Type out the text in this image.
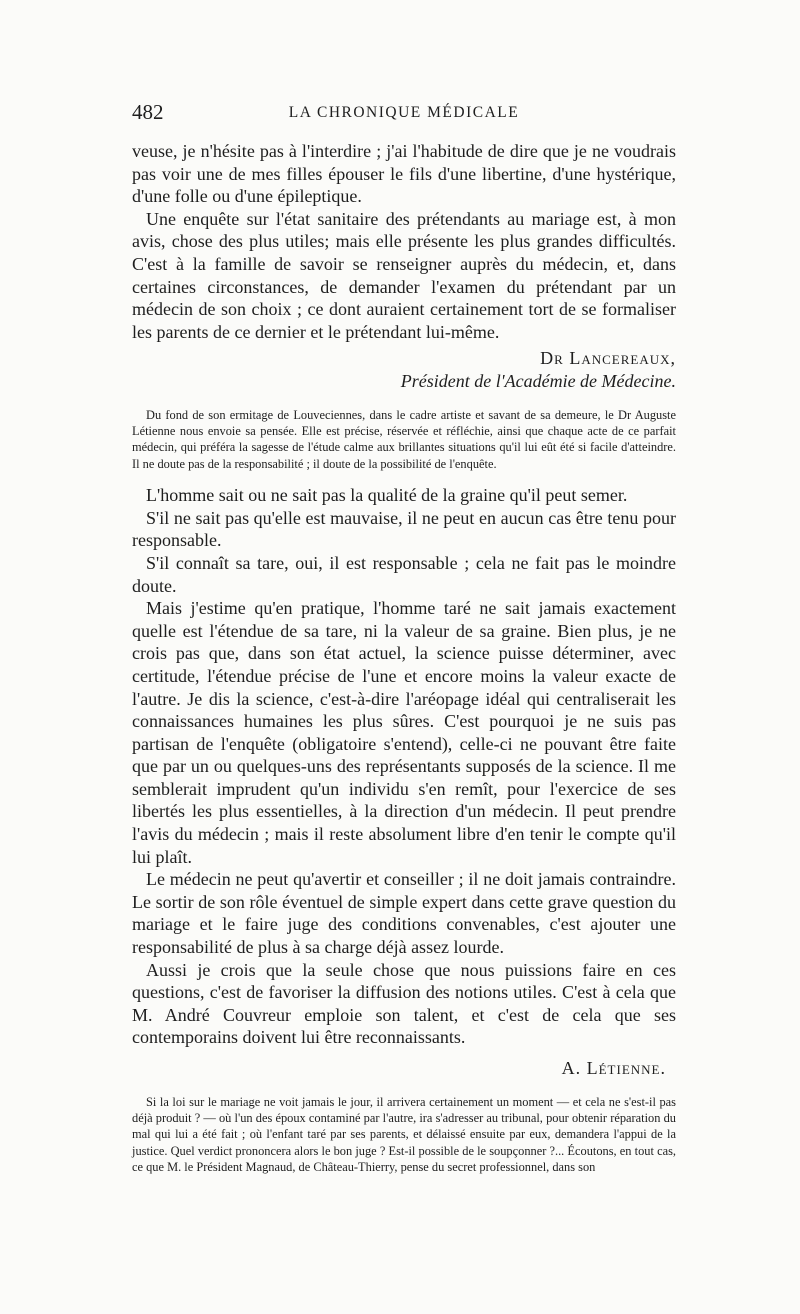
482	LA CHRONIQUE MÉDICALE

veuse, je n'hésite pas à l'interdire ; j'ai l'habitude de dire que je ne voudrais pas voir une de mes filles épouser le fils d'une libertine, d'une hystérique, d'une folle ou d'une épileptique.

Une enquête sur l'état sanitaire des prétendants au mariage est, à mon avis, chose des plus utiles; mais elle présente les plus grandes difficultés. C'est à la famille de savoir se renseigner auprès du médecin, et, dans certaines circonstances, de demander l'examen du prétendant par un médecin de son choix ; ce dont auraient certainement tort de se formaliser les parents de ce dernier et le prétendant lui-même.

Dr Lancereaux,
Président de l'Académie de Médecine.

Du fond de son ermitage de Louveciennes, dans le cadre artiste et savant de sa demeure, le Dr Auguste Létienne nous envoie sa pensée. Elle est précise, réservée et réfléchie, ainsi que chaque acte de ce parfait médecin, qui préféra la sagesse de l'étude calme aux brillantes situations qu'il lui eût été si facile d'atteindre. Il ne doute pas de la responsabilité ; il doute de la possibilité de l'enquête.

L'homme sait ou ne sait pas la qualité de la graine qu'il peut semer.

S'il ne sait pas qu'elle est mauvaise, il ne peut en aucun cas être tenu pour responsable.

S'il connaît sa tare, oui, il est responsable ; cela ne fait pas le moindre doute.

Mais j'estime qu'en pratique, l'homme taré ne sait jamais exactement quelle est l'étendue de sa tare, ni la valeur de sa graine. Bien plus, je ne crois pas que, dans son état actuel, la science puisse déterminer, avec certitude, l'étendue précise de l'une et encore moins la valeur exacte de l'autre. Je dis la science, c'est-à-dire l'aréopage idéal qui centraliserait les connaissances humaines les plus sûres. C'est pourquoi je ne suis pas partisan de l'enquête (obligatoire s'entend), celle-ci ne pouvant être faite que par un ou quelques-uns des représentants supposés de la science. Il me semblerait imprudent qu'un individu s'en remît, pour l'exercice de ses libertés les plus essentielles, à la direction d'un médecin. Il peut prendre l'avis du médecin ; mais il reste absolument libre d'en tenir le compte qu'il lui plaît.

Le médecin ne peut qu'avertir et conseiller ; il ne doit jamais contraindre. Le sortir de son rôle éventuel de simple expert dans cette grave question du mariage et le faire juge des conditions convenables, c'est ajouter une responsabilité de plus à sa charge déjà assez lourde.

Aussi je crois que la seule chose que nous puissions faire en ces questions, c'est de favoriser la diffusion des notions utiles. C'est à cela que M. André Couvreur emploie son talent, et c'est de cela que ses contemporains doivent lui être reconnaissants.

A. Létienne.

Si la loi sur le mariage ne voit jamais le jour, il arrivera certainement un moment — et cela ne s'est-il pas déjà produit ? — où l'un des époux contaminé par l'autre, ira s'adresser au tribunal, pour obtenir réparation du mal qui lui a été fait ; où l'enfant taré par ses parents, et délaissé ensuite par eux, demandera l'appui de la justice. Quel verdict prononcera alors le bon juge ? Est-il possible de le soupçonner ?... Écoutons, en tout cas, ce que M. le Président Magnaud, de Château-Thierry, pense du secret professionnel, dans son
